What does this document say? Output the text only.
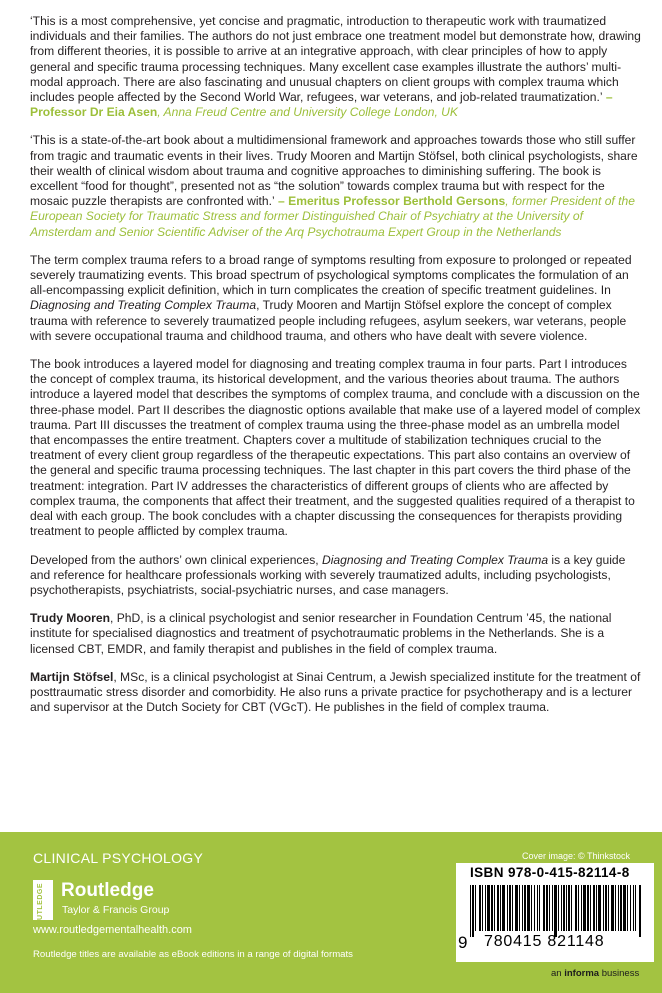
‘This is a most comprehensive, yet concise and pragmatic, introduction to therapeutic work with traumatized individuals and their families. The authors do not just embrace one treatment model but demonstrate how, drawing from different theories, it is possible to arrive at an integrative approach, with clear principles of how to apply general and specific trauma processing techniques. Many excellent case examples illustrate the authors’ multi-modal approach. There are also fascinating and unusual chapters on client groups with complex trauma which includes people affected by the Second World War, refugees, war veterans, and job-related traumatization.’ – Professor Dr Eia Asen, Anna Freud Centre and University College London, UK

‘This is a state-of-the-art book about a multidimensional framework and approaches towards those who still suffer from tragic and traumatic events in their lives. Trudy Mooren and Martijn Stöfsel, both clinical psychologists, share their wealth of clinical wisdom about trauma and cognitive approaches to diminishing suffering. The book is excellent “food for thought”, presented not as “the solution” towards complex trauma but with respect for the mosaic puzzle therapists are confronted with.’ – Emeritus Professor Berthold Gersons, former President of the European Society for Traumatic Stress and former Distinguished Chair of Psychiatry at the University of Amsterdam and Senior Scientific Adviser of the Arq Psychotrauma Expert Group in the Netherlands

The term complex trauma refers to a broad range of symptoms resulting from exposure to prolonged or repeated severely traumatizing events. This broad spectrum of psychological symptoms complicates the formulation of an all-encompassing explicit definition, which in turn complicates the creation of specific treatment guidelines. In Diagnosing and Treating Complex Trauma, Trudy Mooren and Martijn Stöfsel explore the concept of complex trauma with reference to severely traumatized people including refugees, asylum seekers, war veterans, people with severe occupational trauma and childhood trauma, and others who have dealt with severe violence.

The book introduces a layered model for diagnosing and treating complex trauma in four parts. Part I introduces the concept of complex trauma, its historical development, and the various theories about trauma. The authors introduce a layered model that describes the symptoms of complex trauma, and conclude with a discussion on the three-phase model. Part II describes the diagnostic options available that make use of a layered model of complex trauma. Part III discusses the treatment of complex trauma using the three-phase model as an umbrella model that encompasses the entire treatment. Chapters cover a multitude of stabilization techniques crucial to the treatment of every client group regardless of the therapeutic expectations. This part also contains an overview of the general and specific trauma processing techniques. The last chapter in this part covers the third phase of the treatment: integration. Part IV addresses the characteristics of different groups of clients who are affected by complex trauma, the components that affect their treatment, and the suggested qualities required of a therapist to deal with each group. The book concludes with a chapter discussing the consequences for therapists providing treatment to people afflicted by complex trauma.

Developed from the authors’ own clinical experiences, Diagnosing and Treating Complex Trauma is a key guide and reference for healthcare professionals working with severely traumatized adults, including psychologists, psychotherapists, psychiatrists, social-psychiatric nurses, and case managers.

Trudy Mooren, PhD, is a clinical psychologist and senior researcher in Foundation Centrum ’45, the national institute for specialised diagnostics and treatment of psychotraumatic problems in the Netherlands. She is a licensed CBT, EMDR, and family therapist and publishes in the field of complex trauma.

Martijn Stöfsel, MSc, is a clinical psychologist at Sinai Centrum, a Jewish specialized institute for the treatment of posttraumatic stress disorder and comorbidity. He also runs a private practice for psychotherapy and is a lecturer and supervisor at the Dutch Society for CBT (VGcT). He publishes in the field of complex trauma.

CLINICAL PSYCHOLOGY
ROUTLEDGE Routledge
Taylor & Francis Group
www.routledgementalhealth.com
Routledge titles are available as eBook editions in a range of digital formats
Cover image: © Thinkstock
ISBN 978-0-415-82114-8
9 780415 821148
an informa business
